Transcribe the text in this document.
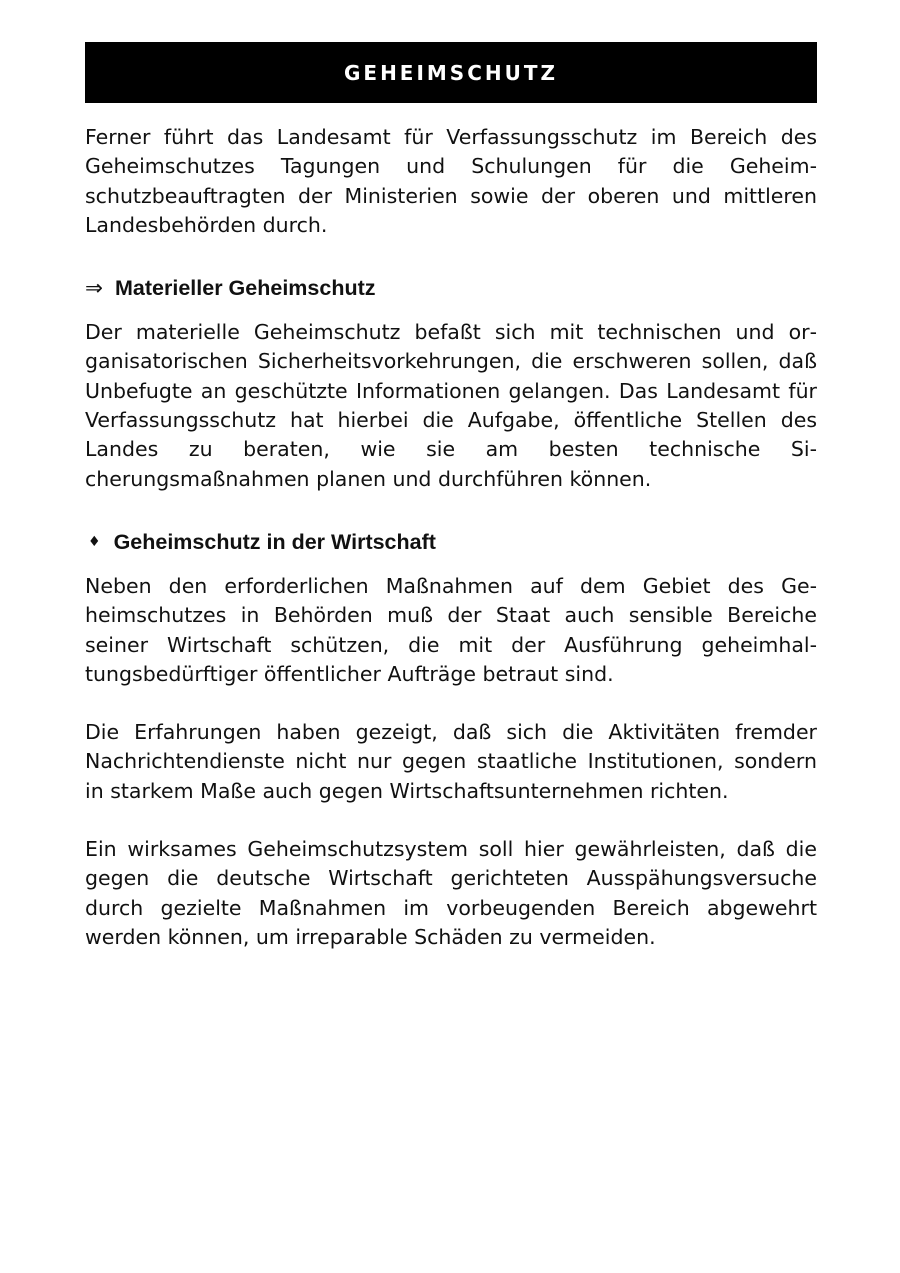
GEHEIMSCHUTZ

Ferner führt das Landesamt für Verfassungsschutz im Bereich des Geheimschutzes Tagungen und Schulungen für die Geheimschutzbeauftragten der Ministerien sowie der oberen und mittleren Landesbehörden durch.

⇒ Materieller Geheimschutz

Der materielle Geheimschutz befaßt sich mit technischen und organisatorischen Sicherheitsvorkehrungen, die erschweren sollen, daß Unbefugte an geschützte Informationen gelangen. Das Landesamt für Verfassungsschutz hat hierbei die Aufgabe, öffentliche Stellen des Landes zu beraten, wie sie am besten technische Sicherungsmaßnahmen planen und durchführen können.

♦ Geheimschutz in der Wirtschaft

Neben den erforderlichen Maßnahmen auf dem Gebiet des Geheimschutzes in Behörden muß der Staat auch sensible Bereiche seiner Wirtschaft schützen, die mit der Ausführung geheimhaltungsbedürftiger öffentlicher Aufträge betraut sind.

Die Erfahrungen haben gezeigt, daß sich die Aktivitäten fremder Nachrichtendienste nicht nur gegen staatliche Institutionen, sondern in starkem Maße auch gegen Wirtschaftsunternehmen richten.

Ein wirksames Geheimschutzsystem soll hier gewährleisten, daß die gegen die deutsche Wirtschaft gerichteten Ausspähungsversuche durch gezielte Maßnahmen im vorbeugenden Bereich abgewehrt werden können, um irreparable Schäden zu vermeiden.
